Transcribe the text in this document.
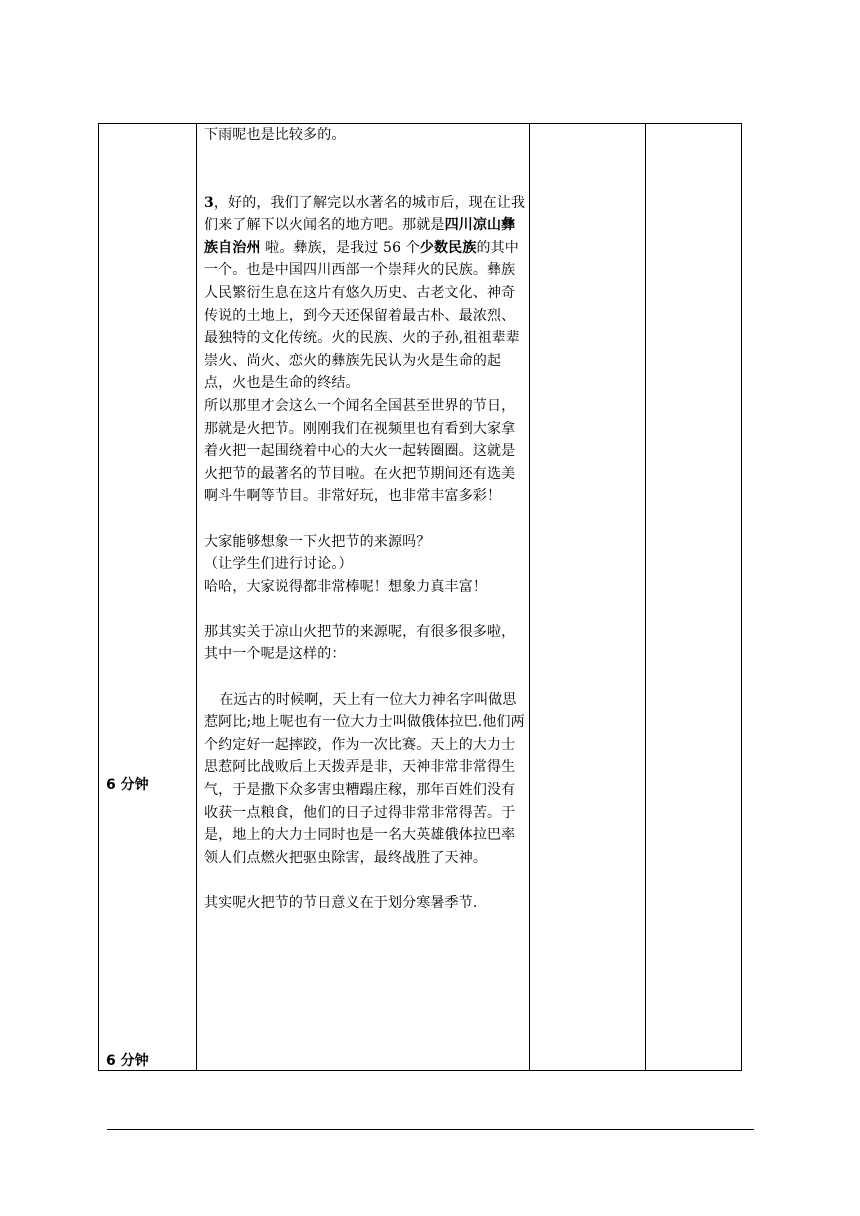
6 分钟
6 分钟

下雨呢也是比较多的。

3，好的，我们了解完以水著名的城市后，现在让我们来了解下以火闻名的地方吧。那就是四川凉山彝族自治州 啦。彝族，是我过 56 个少数民族的其中一个。也是中国四川西部一个崇拜火的民族。彝族人民繁衍生息在这片有悠久历史、古老文化、神奇传说的土地上，到今天还保留着最古朴、最浓烈、最独特的文化传统。火的民族、火的子孙,祖祖辈辈崇火、尚火、恋火的彝族先民认为火是生命的起点，火也是生命的终结。

所以那里才会这么一个闻名全国甚至世界的节日，那就是火把节。刚刚我们在视频里也有看到大家拿着火把一起围绕着中心的大火一起转圈圈。这就是火把节的最著名的节目啦。在火把节期间还有选美啊斗牛啊等节目。非常好玩，也非常丰富多彩！

大家能够想象一下火把节的来源吗？

（让学生们进行讨论。）

哈哈，大家说得都非常棒呢！想象力真丰富！

那其实关于凉山火把节的来源呢，有很多很多啦，其中一个呢是这样的：

在远古的时候啊，天上有一位大力神名字叫做思惹阿比;地上呢也有一位大力士叫做俄体拉巴.他们两个约定好一起摔跤，作为一次比赛。天上的大力士思惹阿比战败后上天拨弄是非，天神非常非常得生气，于是撒下众多害虫糟蹋庄稼，那年百姓们没有收获一点粮食，他们的日子过得非常非常得苦。于是，地上的大力士同时也是一名大英雄俄体拉巴率领人们点燃火把驱虫除害，最终战胜了天神。

其实呢火把节的节日意义在于划分寒暑季节.
